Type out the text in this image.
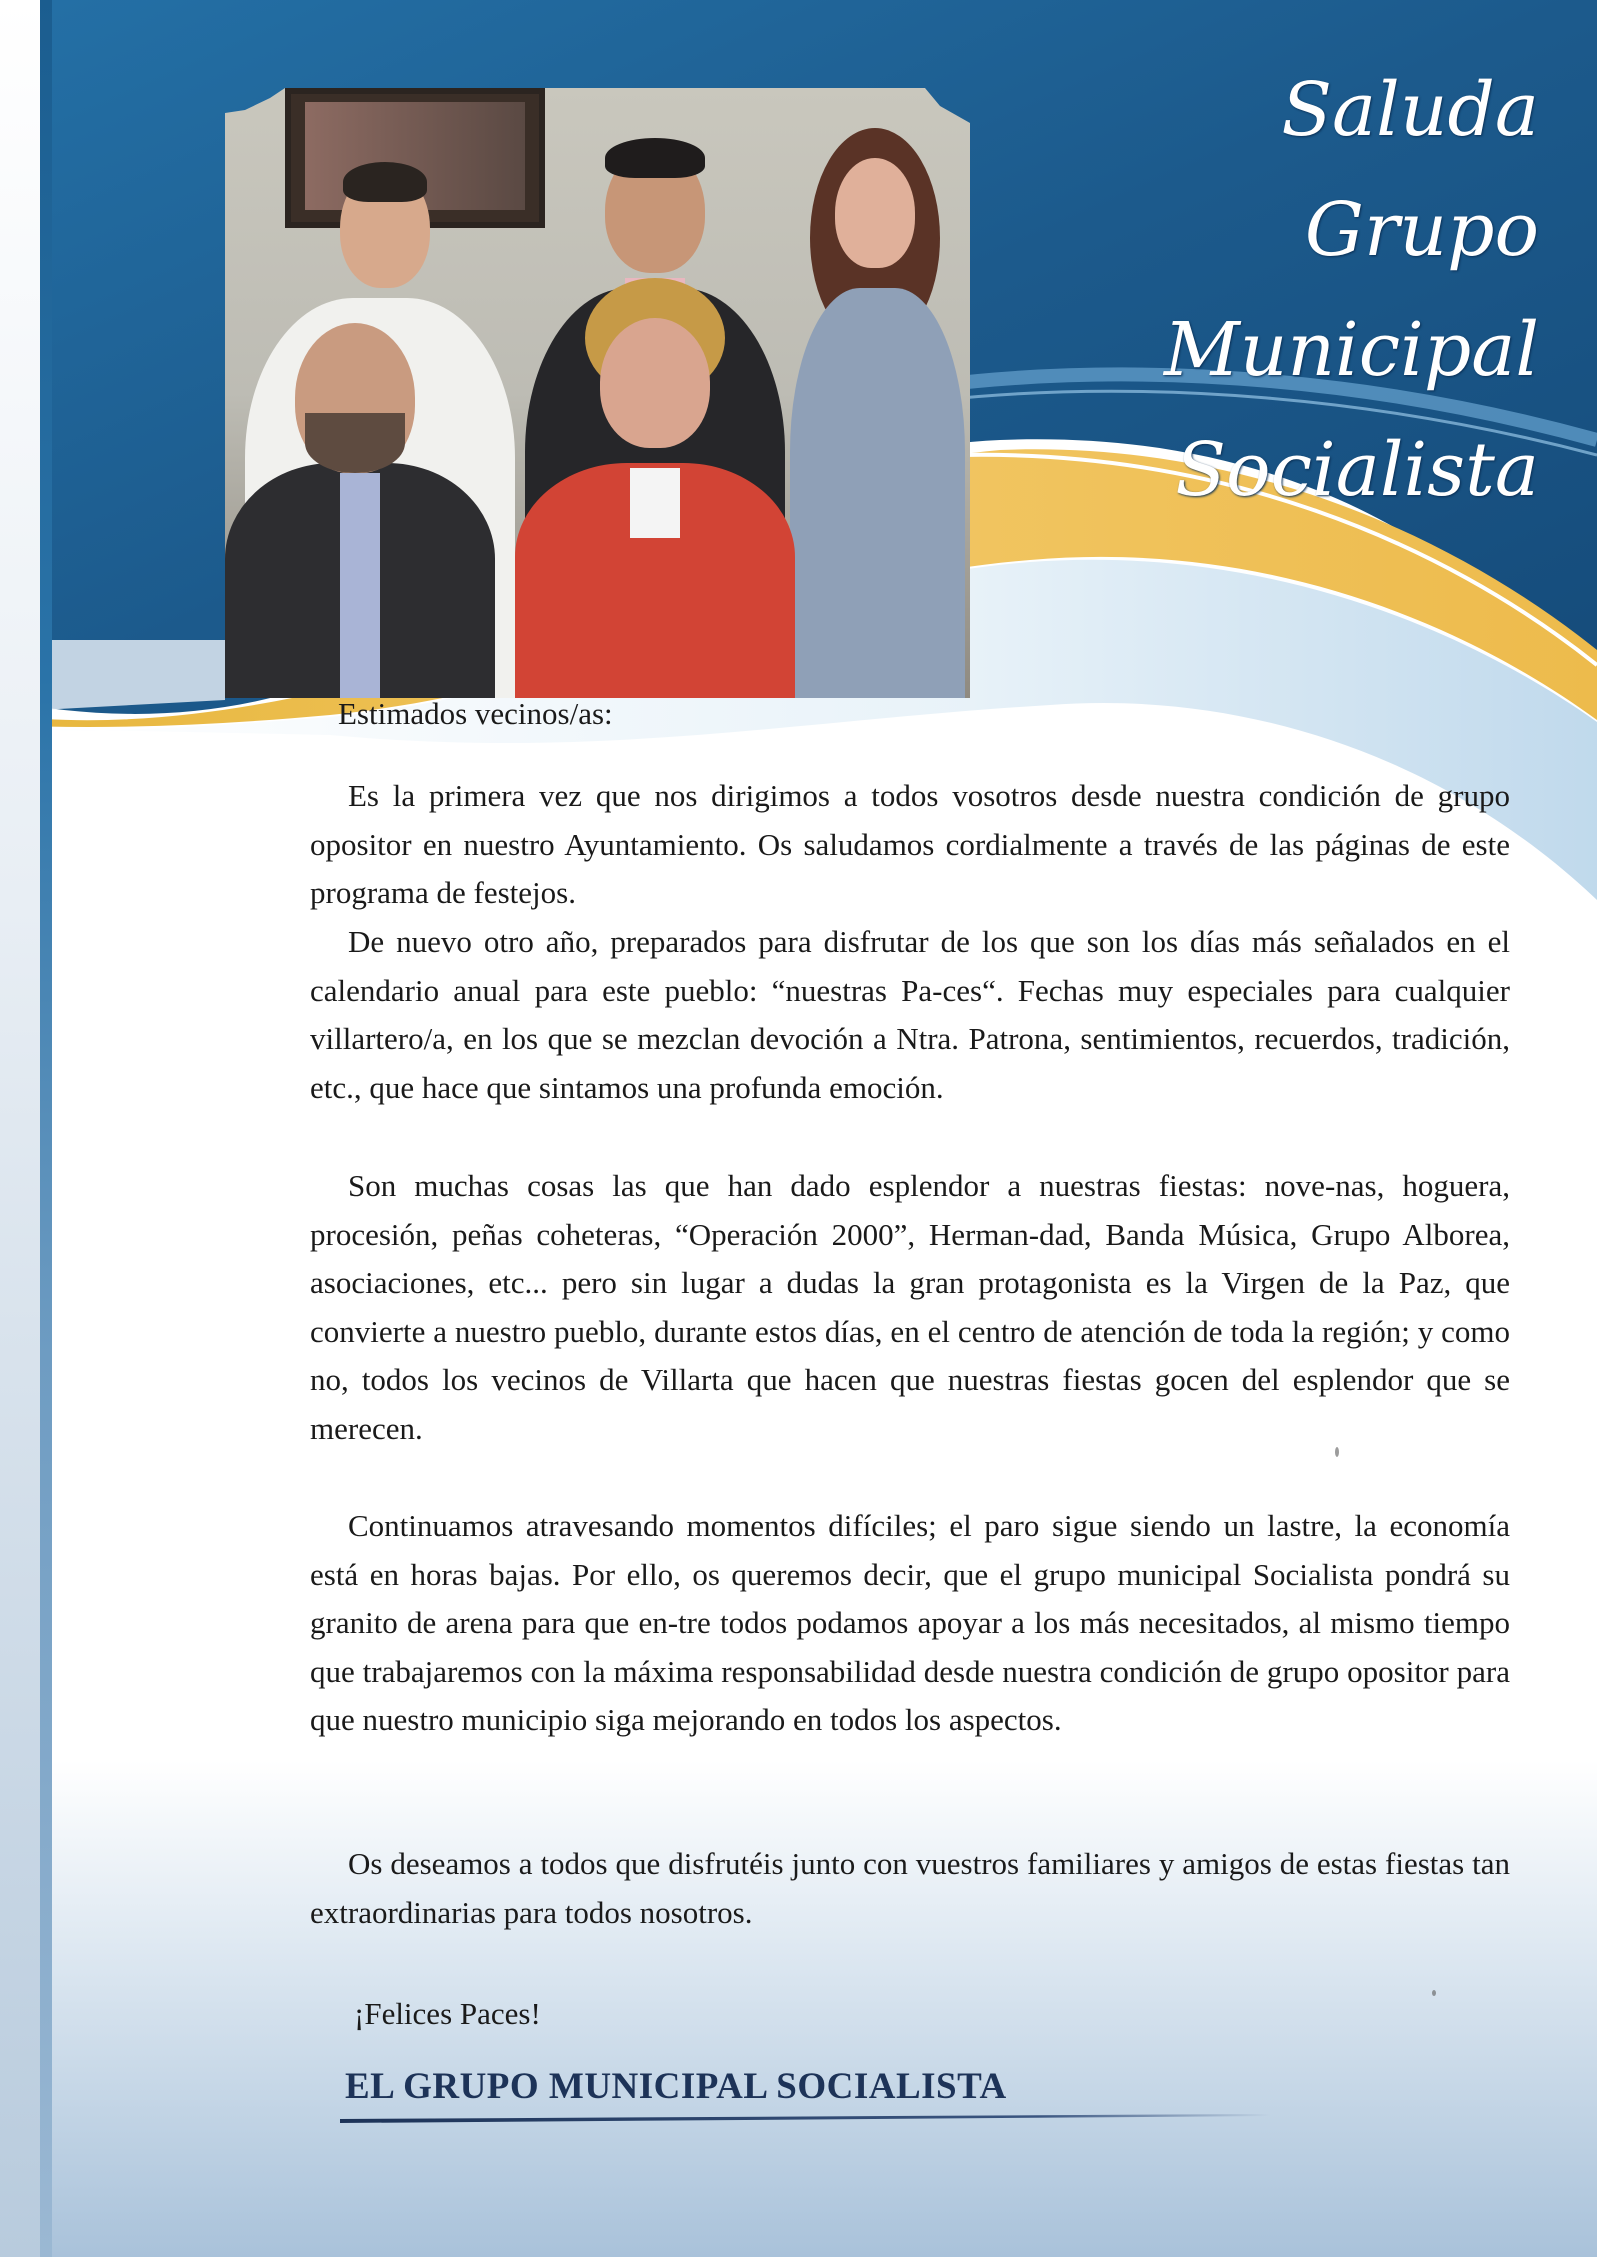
Saluda Grupo
Municipal
Socialista
Estimados vecinos/as:

Es la primera vez que nos dirigimos a todos vosotros desde nuestra condición de grupo opositor en nuestro Ayuntamiento. Os saludamos cordialmente a través de las páginas de este programa de festejos.

De nuevo otro año, preparados para disfrutar de los que son los días más señalados en el calendario anual para este pueblo: “nuestras Pa-ces“. Fechas muy especiales para cualquier villartero/a, en los que se mezclan devoción a Ntra. Patrona, sentimientos, recuerdos, tradición, etc., que hace que sintamos una profunda emoción.

Son muchas cosas las que han dado esplendor a nuestras fiestas: nove-nas, hoguera, procesión, peñas coheteras, “Operación 2000”, Herman-dad, Banda Música, Grupo Alborea, asociaciones, etc... pero sin lugar a dudas la gran protagonista es la Virgen de la Paz, que convierte a nuestro pueblo, durante estos días, en el centro de atención de toda la región; y como no, todos los vecinos de Villarta que hacen que nuestras fiestas gocen del esplendor que se merecen.

Continuamos atravesando momentos difíciles; el paro sigue siendo un lastre, la economía está en horas bajas. Por ello, os queremos decir, que el grupo municipal Socialista pondrá su granito de arena para que en-tre todos podamos apoyar a los más necesitados, al mismo tiempo que trabajaremos con la máxima responsabilidad desde nuestra condición de grupo opositor para que nuestro municipio siga mejorando en todos los aspectos.

Os deseamos a todos que disfrutéis junto con vuestros familiares y amigos de estas fiestas tan extraordinarias para todos nosotros.

¡Felices Paces!
EL GRUPO MUNICIPAL SOCIALISTA
